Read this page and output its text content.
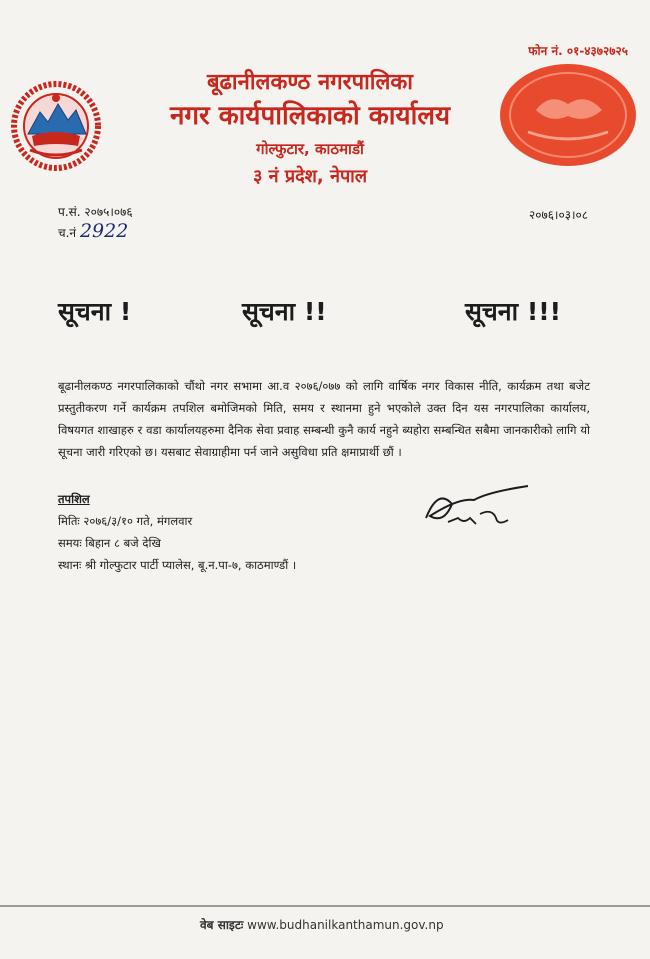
फोन नं. ०१-४३७२७२५
बूढानीलकण्ठ नगरपालिका
नगर कार्यपालिकाको कार्यालय
गोल्फुटार, काठमाडौं
३ नं प्रदेश, नेपाल
प.सं. २०७५।०७६
च.नं 2922
२०७६।०३।०८
सूचना !	सूचना !!	सूचना !!!
बूढानीलकण्ठ नगरपालिकाको चौंथो नगर सभामा आ.व २०७६/०७७ को लागि वार्षिक नगर विकास नीति, कार्यक्रम तथा बजेट प्रस्तुतीकरण गर्ने कार्यक्रम तपशिल बमोजिमको मिति, समय र स्थानमा हुने भएकोले उक्त दिन यस नगरपालिका कार्यालय, विषयगत शाखाहरु र वडा कार्यालयहरुमा दैनिक सेवा प्रवाह सम्बन्धी कुनै कार्य नहुने ब्यहोरा सम्बन्धित सबैमा जानकारीको लागि यो सूचना जारी गरिएको छ। यसबाट सेवाग्राहीमा पर्न जाने असुविधा प्रति क्षमाप्रार्थी छौं ।
तपशिल
मितिः २०७६/३/१० गते, मंगलवार
समयः बिहान ८ बजे देखि
स्थानः श्री गोल्फुटार पार्टी प्यालेस, बू.न.पा-७, काठमाण्डौं ।
वेब साइटः www.budhanilkanthamun.gov.np
